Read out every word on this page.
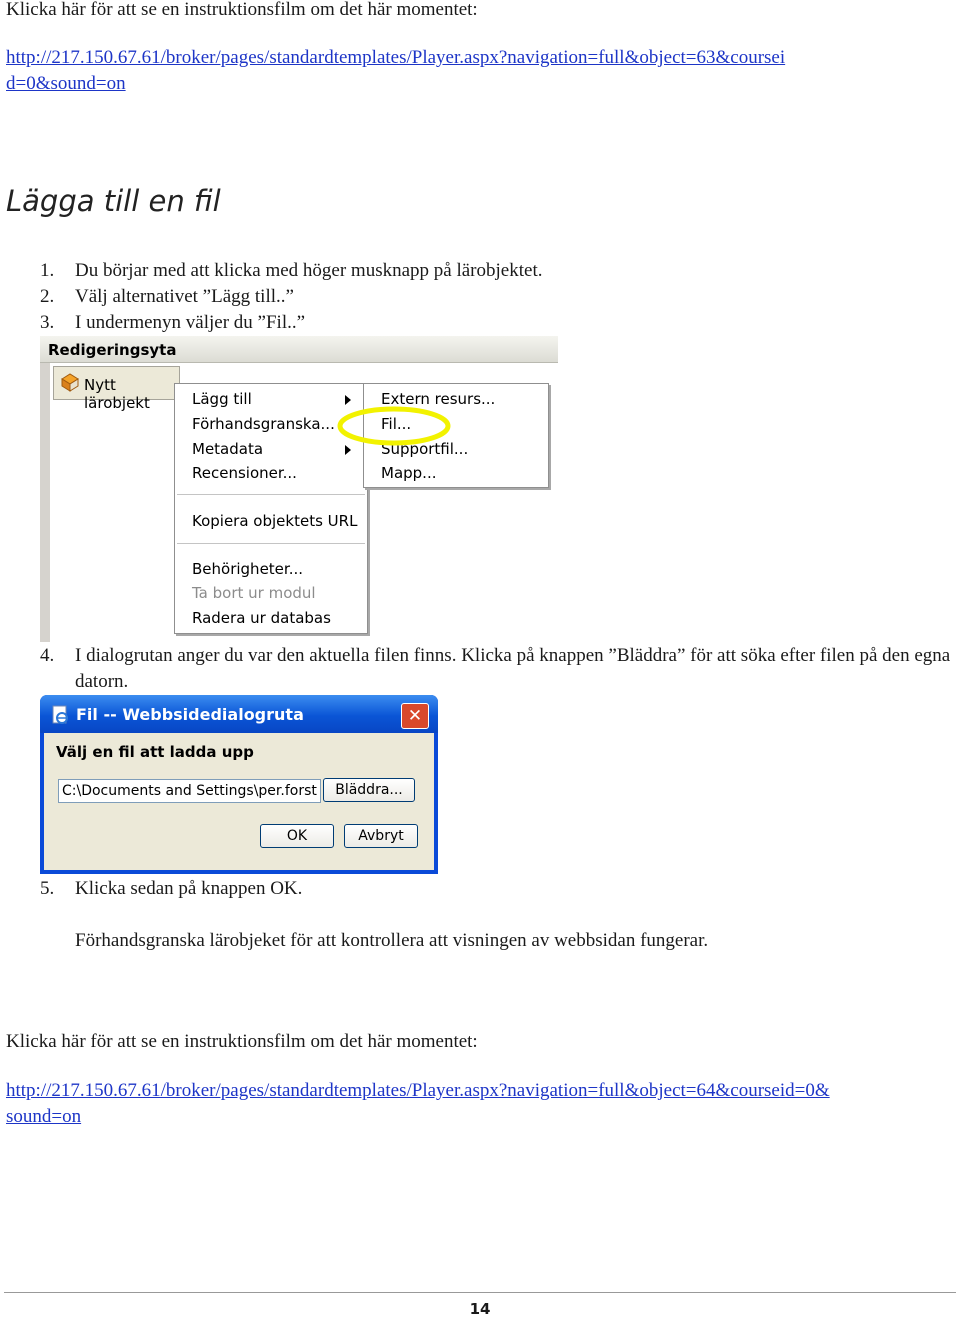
Klicka här för att se en instruktionsfilm om det här momentet:
http://217.150.67.61/broker/pages/standardtemplates/Player.aspx?navigation=full&object=63&coursei
d=0&sound=on
Lägga till en fil
1. Du börjar med att klicka med höger musknapp på lärobjektet.
2. Välj alternativet ”Lägg till..”
3. I undermenyn väljer du ”Fil..”
Redigeringsyta
Nytt lärobjekt	Lägg till
Förhandsgranska...
Metadata
Recensioner...
Kopiera objektets URL
Behörigheter...
Ta bort ur modul
Radera ur databas
Extern resurs...
Fil...
Supportfil...
Mapp...
4. I dialogrutan anger du var den aktuella filen finns. Klicka på knappen ”Bläddra” för att söka efter filen på den egna datorn.
Fil -- Webbsidedialogruta	✕
Välj en fil att ladda upp
C:\Documents and Settings\per.forst	Bläddra...
OK	Avbryt
5. Klicka sedan på knappen OK.
Förhandsgranska lärobjeket för att kontrollera att visningen av webbsidan fungerar.
Klicka här för att se en instruktionsfilm om det här momentet:
http://217.150.67.61/broker/pages/standardtemplates/Player.aspx?navigation=full&object=64&courseid=0&
sound=on
14
